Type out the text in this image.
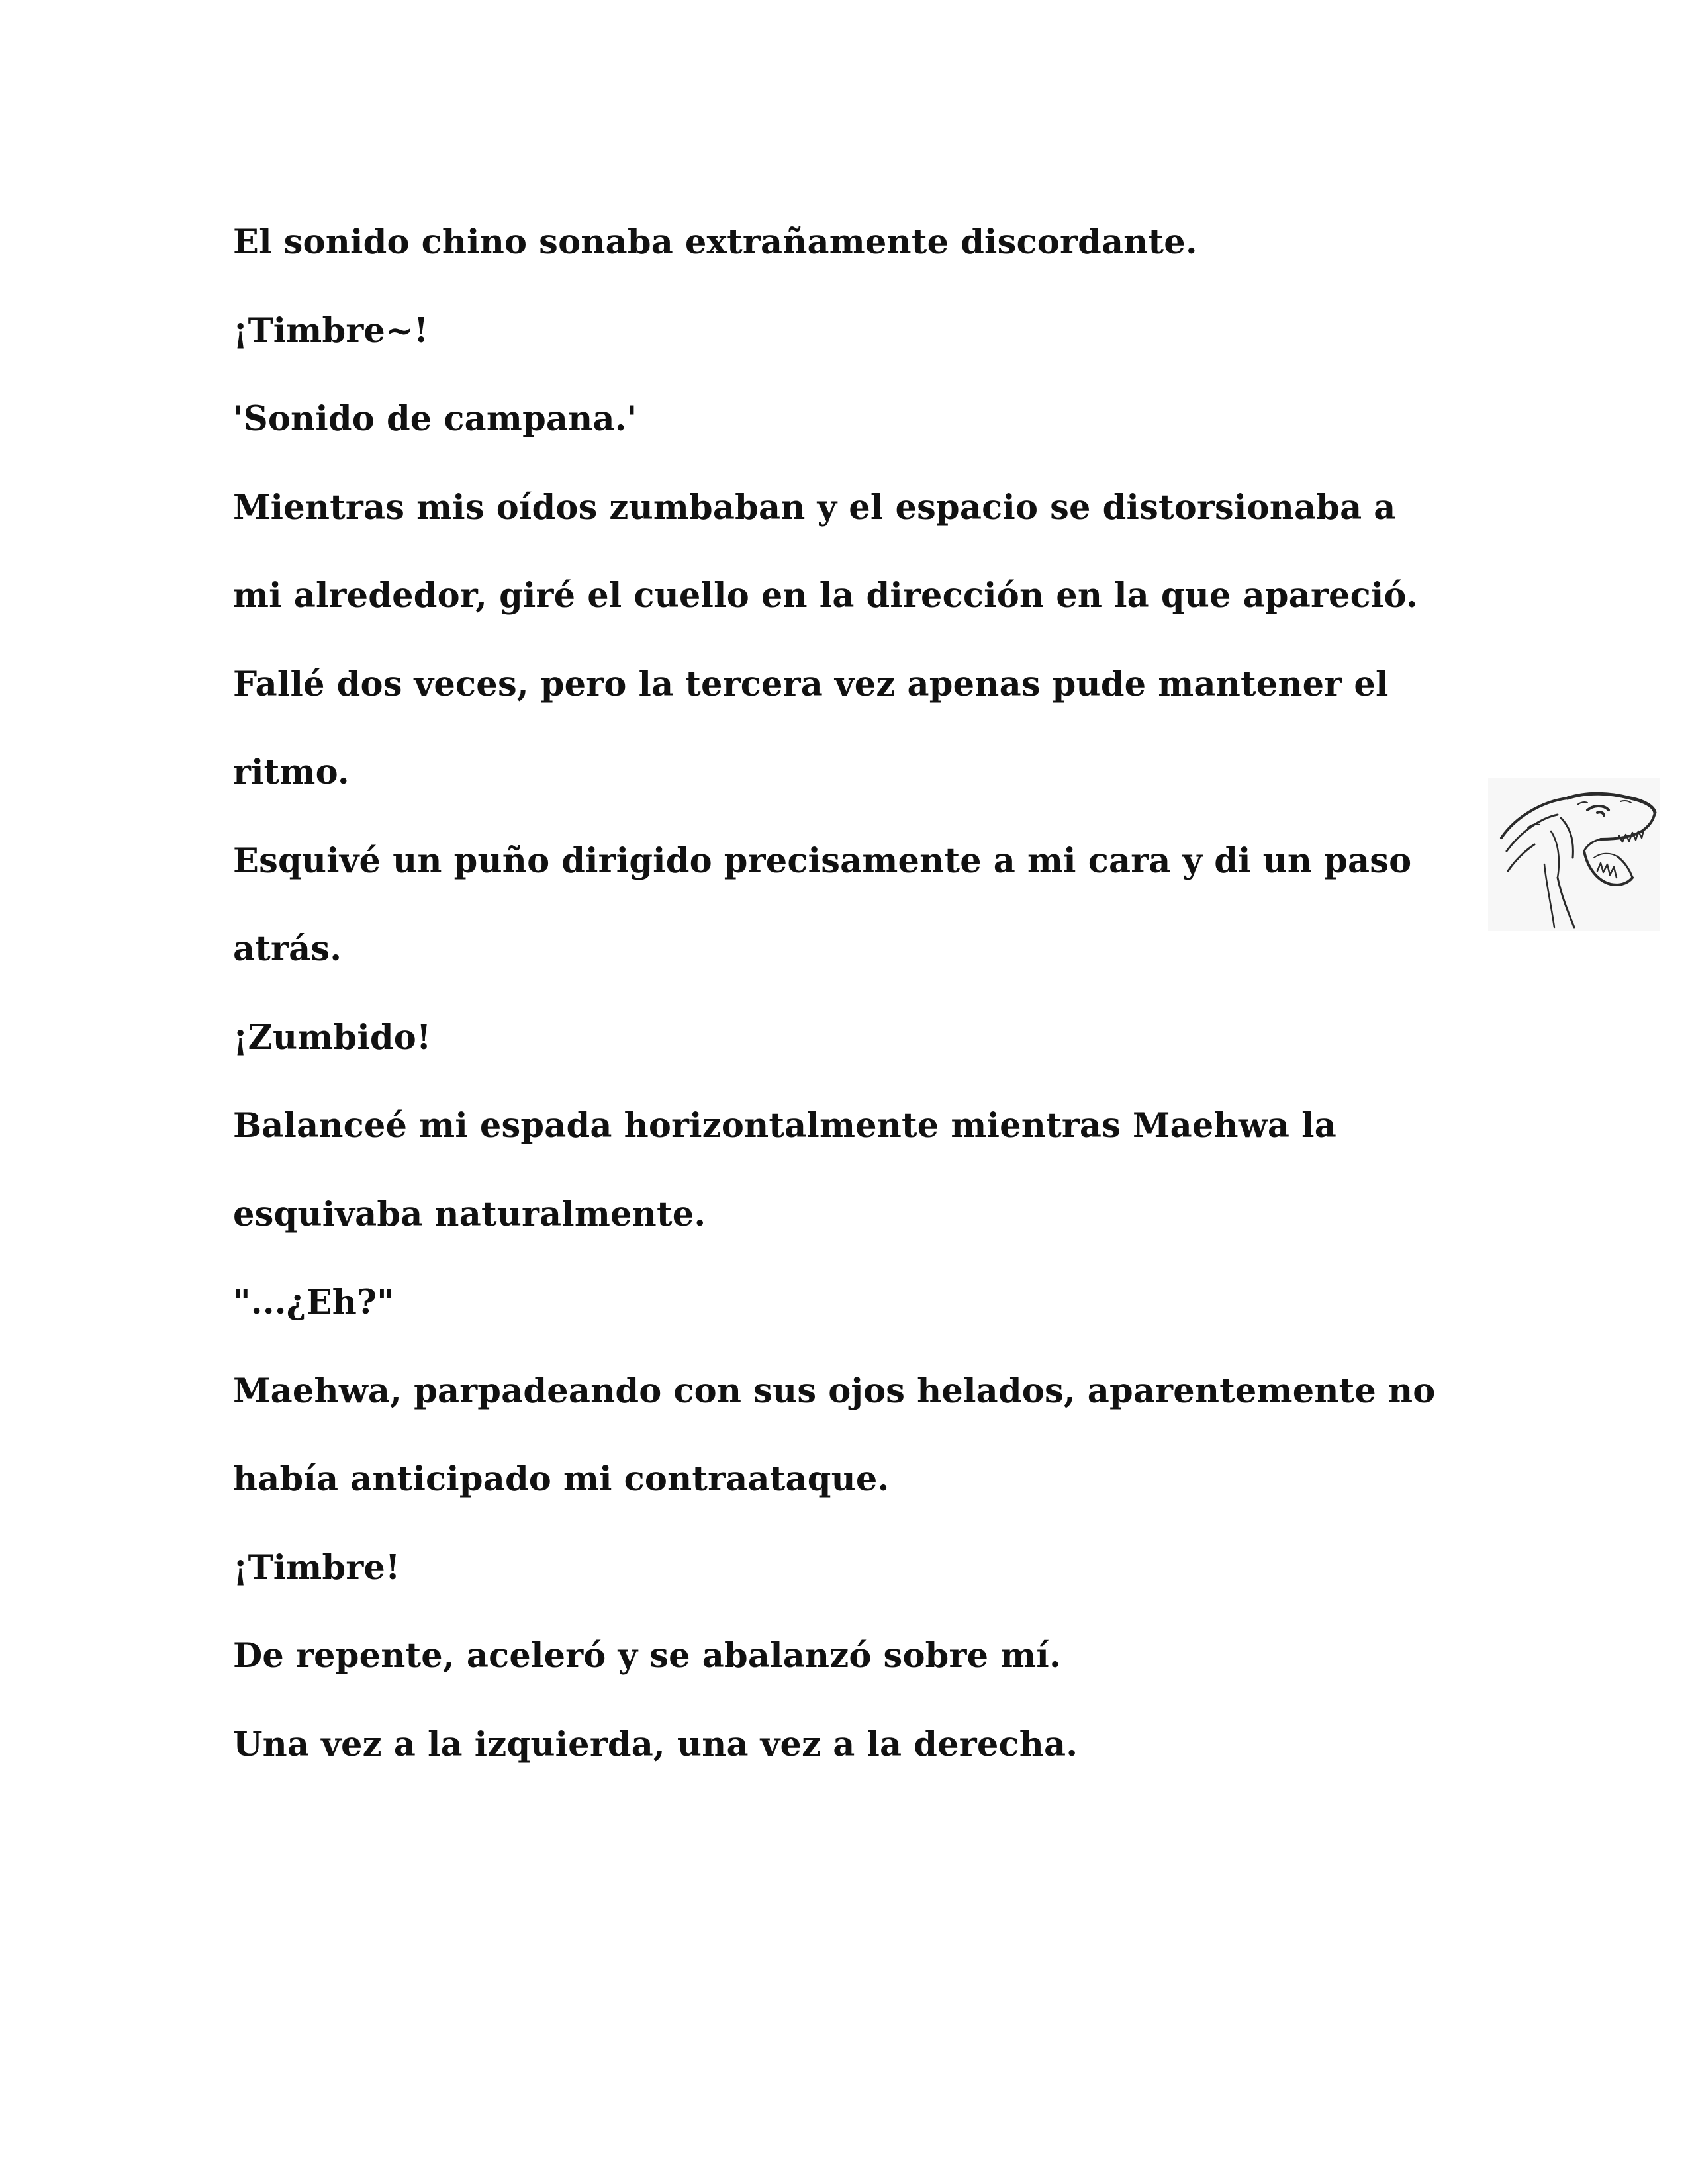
El sonido chino sonaba extrañamente discordante.
¡Timbre~!
'Sonido de campana.'
Mientras mis oídos zumbaban y el espacio se distorsionaba a
mi alrededor, giré el cuello en la dirección en la que apareció.
Fallé dos veces, pero la tercera vez apenas pude mantener el
ritmo.
Esquivé un puño dirigido precisamente a mi cara y di un paso
atrás.
¡Zumbido!
Balanceé mi espada horizontalmente mientras Maehwa la
esquivaba naturalmente.
"...¿Eh?"
Maehwa, parpadeando con sus ojos helados, aparentemente no
había anticipado mi contraataque.
¡Timbre!
De repente, aceleró y se abalanzó sobre mí.
Una vez a la izquierda, una vez a la derecha.
